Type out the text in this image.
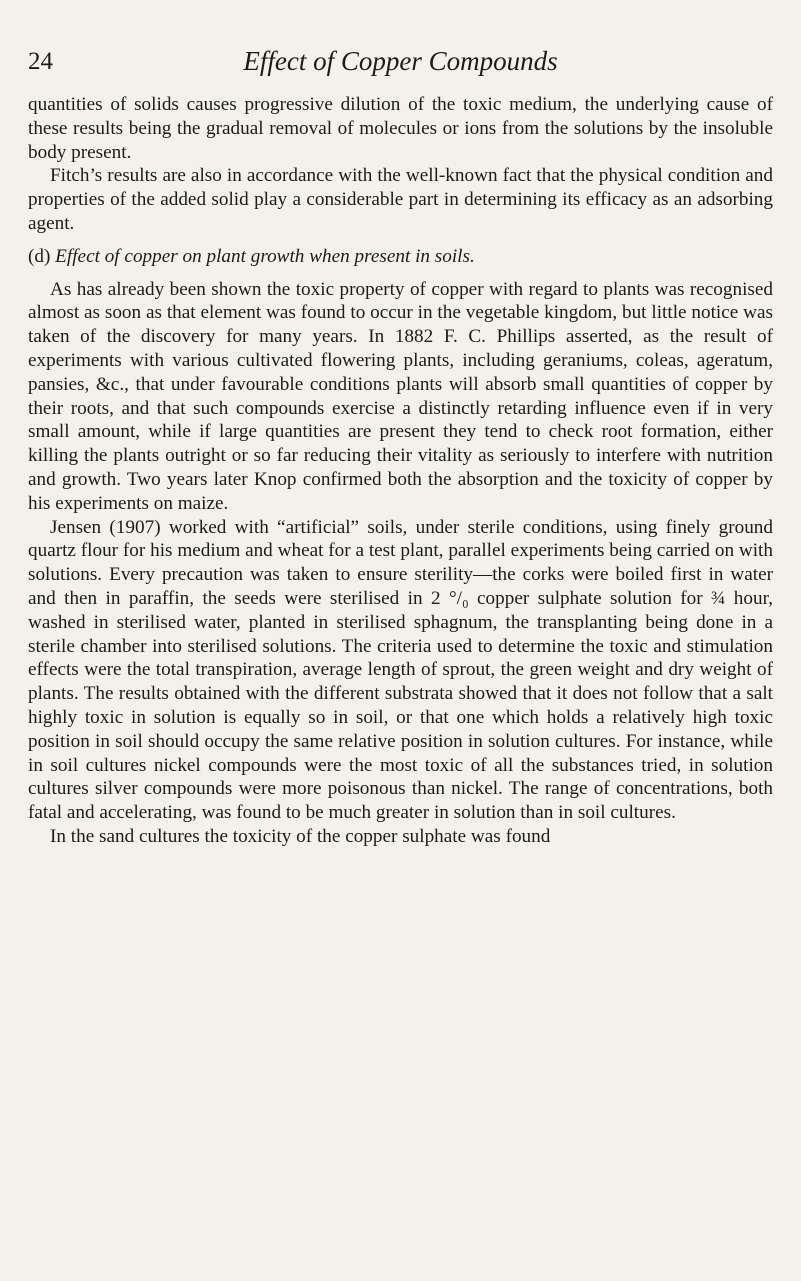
24	Effect of Copper Compounds

quantities of solids causes progressive dilution of the toxic medium, the underlying cause of these results being the gradual removal of molecules or ions from the solutions by the insoluble body present.

Fitch’s results are also in accordance with the well-known fact that the physical condition and properties of the added solid play a considerable part in determining its efficacy as an adsorbing agent.

(d) Effect of copper on plant growth when present in soils.

As has already been shown the toxic property of copper with regard to plants was recognised almost as soon as that element was found to occur in the vegetable kingdom, but little notice was taken of the discovery for many years. In 1882 F. C. Phillips asserted, as the result of experiments with various cultivated flowering plants, including geraniums, coleas, ageratum, pansies, &c., that under favourable conditions plants will absorb small quantities of copper by their roots, and that such compounds exercise a distinctly retarding influence even if in very small amount, while if large quantities are present they tend to check root formation, either killing the plants outright or so far reducing their vitality as seriously to interfere with nutrition and growth. Two years later Knop confirmed both the absorption and the toxicity of copper by his experiments on maize.

Jensen (1907) worked with “artificial” soils, under sterile conditions, using finely ground quartz flour for his medium and wheat for a test plant, parallel experiments being carried on with solutions. Every precaution was taken to ensure sterility—the corks were boiled first in water and then in paraffin, the seeds were sterilised in 2 °/₀ copper sulphate solution for ¾ hour, washed in sterilised water, planted in sterilised sphagnum, the transplanting being done in a sterile chamber into sterilised solutions. The criteria used to determine the toxic and stimulation effects were the total transpiration, average length of sprout, the green weight and dry weight of plants. The results obtained with the different substrata showed that it does not follow that a salt highly toxic in solution is equally so in soil, or that one which holds a relatively high toxic position in soil should occupy the same relative position in solution cultures. For instance, while in soil cultures nickel compounds were the most toxic of all the substances tried, in solution cultures silver compounds were more poisonous than nickel. The range of concentrations, both fatal and accelerating, was found to be much greater in solution than in soil cultures.

In the sand cultures the toxicity of the copper sulphate was found
